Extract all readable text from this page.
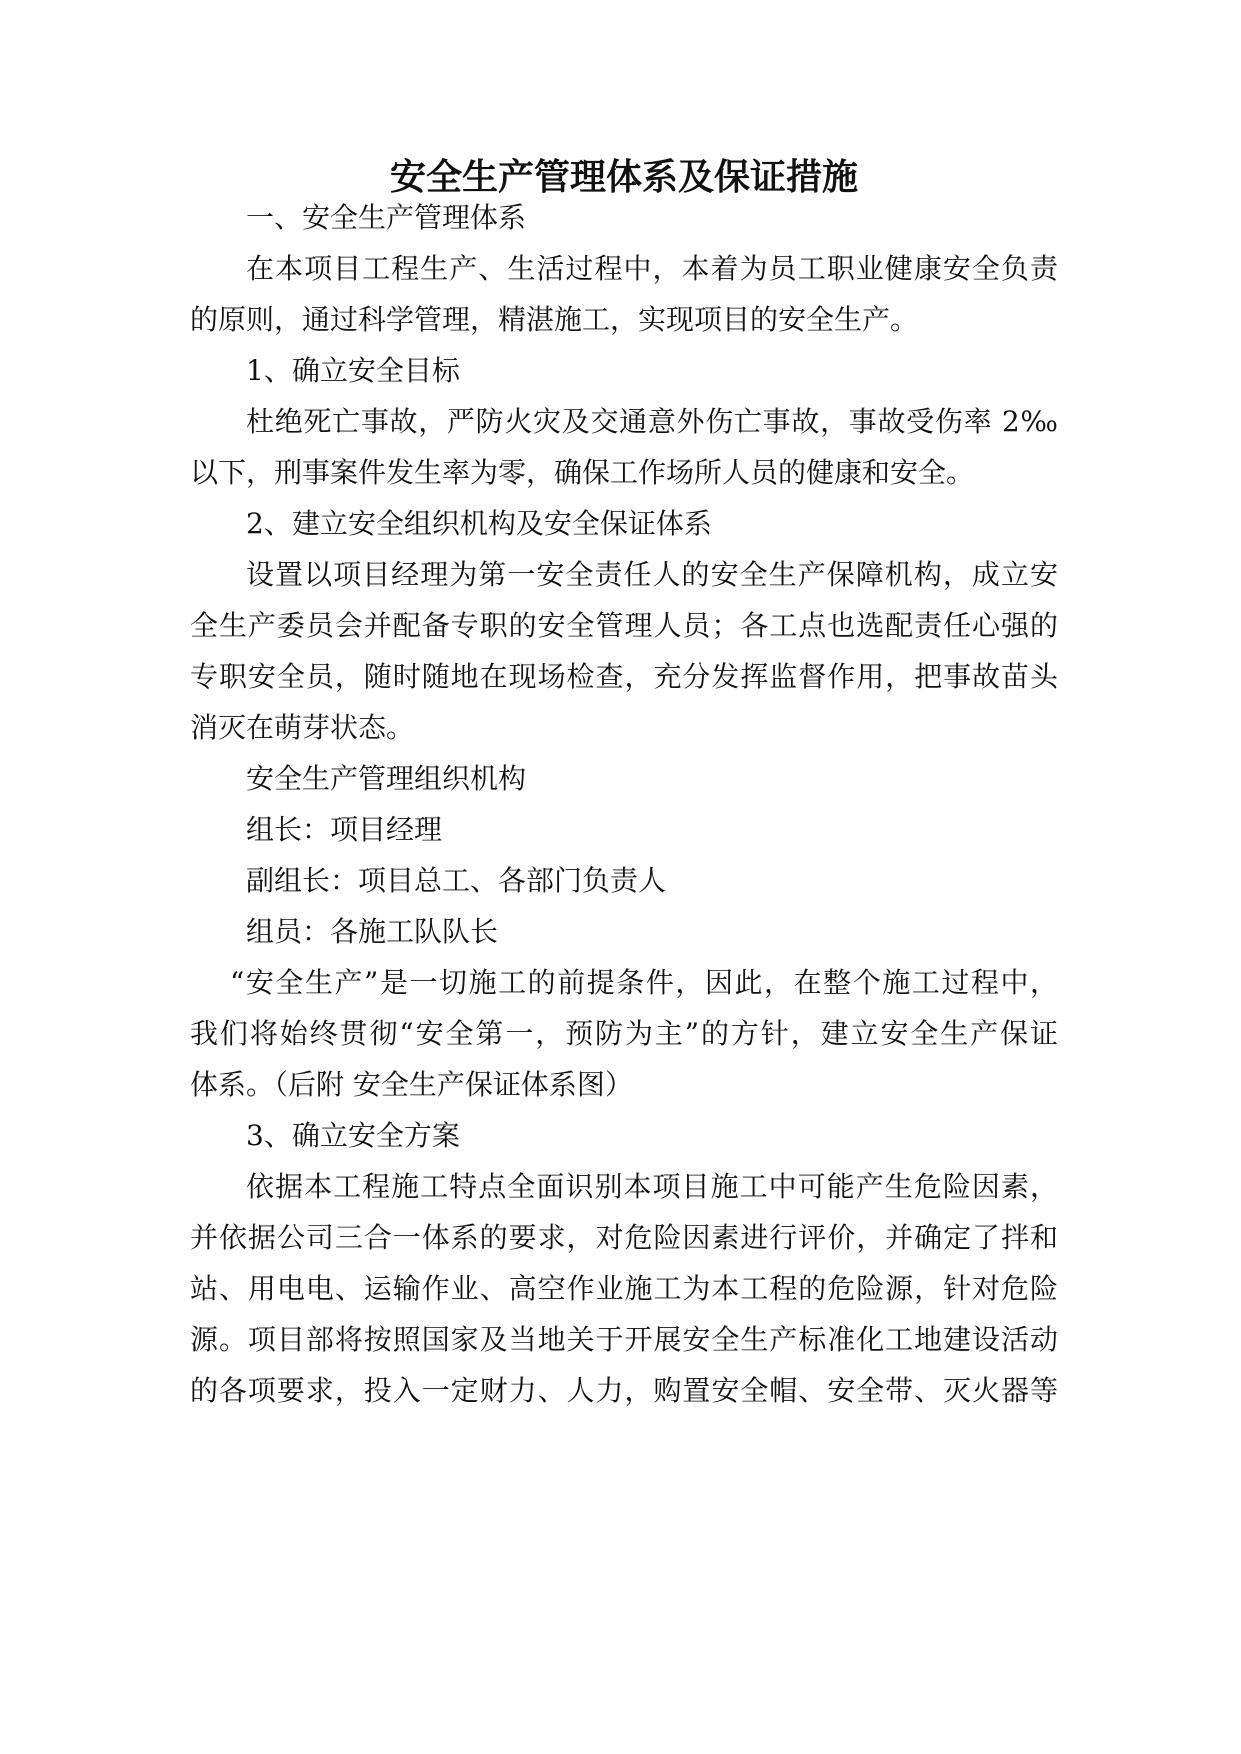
安全生产管理体系及保证措施

一、安全生产管理体系

在本项目工程生产、生活过程中，本着为员工职业健康安全负责

的原则，通过科学管理，精湛施工，实现项目的安全生产。

1、确立安全目标

杜绝死亡事故，严防火灾及交通意外伤亡事故，事故受伤率 2‰

以下，刑事案件发生率为零，确保工作场所人员的健康和安全。

2、建立安全组织机构及安全保证体系

设置以项目经理为第一安全责任人的安全生产保障机构，成立安

全生产委员会并配备专职的安全管理人员；各工点也选配责任心强的

专职安全员，随时随地在现场检查，充分发挥监督作用，把事故苗头

消灭在萌芽状态。

安全生产管理组织机构

组长：项目经理

副组长：项目总工、各部门负责人

组员：各施工队队长

“安全生产”是一切施工的前提条件，因此，在整个施工过程中，

我们将始终贯彻“安全第一，预防为主”的方针，建立安全生产保证

体系。（后附 安全生产保证体系图）

3、确立安全方案

依据本工程施工特点全面识别本项目施工中可能产生危险因素，

并依据公司三合一体系的要求，对危险因素进行评价，并确定了拌和

站、用电电、运输作业、高空作业施工为本工程的危险源，针对危险

源。项目部将按照国家及当地关于开展安全生产标准化工地建设活动

的各项要求，投入一定财力、人力，购置安全帽、安全带、灭火器等
